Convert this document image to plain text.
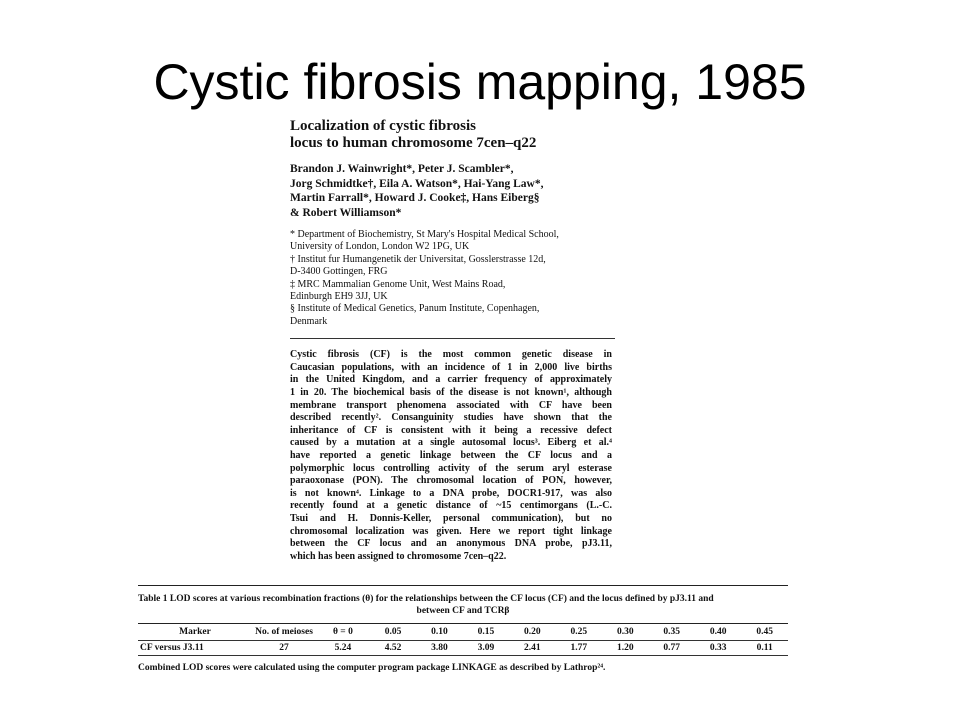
Cystic fibrosis mapping, 1985
Localization of cystic fibrosis
locus to human chromosome 7cen–q22
Brandon J. Wainwright*, Peter J. Scambler*,
Jorg Schmidtke†, Eila A. Watson*, Hai-Yang Law*,
Martin Farrall*, Howard J. Cooke‡, Hans Eiberg§
& Robert Williamson*
* Department of Biochemistry, St Mary's Hospital Medical School,
University of London, London W2 1PG, UK
† Institut fur Humangenetik der Universitat, Gosslerstrasse 12d,
D-3400 Gottingen, FRG
‡ MRC Mammalian Genome Unit, West Mains Road,
Edinburgh EH9 3JJ, UK
§ Institute of Medical Genetics, Panum Institute, Copenhagen,
Denmark
Cystic fibrosis (CF) is the most common genetic disease in
Caucasian populations, with an incidence of 1 in 2,000 live births
in the United Kingdom, and a carrier frequency of approximately
1 in 20. The biochemical basis of the disease is not known¹, although
membrane transport phenomena associated with CF have been
described recently². Consanguinity studies have shown that the
inheritance of CF is consistent with it being a recessive defect
caused by a mutation at a single autosomal locus³. Eiberg et al.⁴
have reported a genetic linkage between the CF locus and a
polymorphic locus controlling activity of the serum aryl esterase
paraoxonase (PON). The chromosomal location of PON, however,
is not known⁴. Linkage to a DNA probe, DOCR1-917, was also
recently found at a genetic distance of ~15 centimorgans (L.-C.
Tsui and H. Donnis-Keller, personal communication), but no
chromosomal localization was given. Here we report tight linkage
between the CF locus and an anonymous DNA probe, pJ3.11,
which has been assigned to chromosome 7cen–q22.
Table 1 LOD scores at various recombination fractions (θ) for the relationships between the CF locus (CF) and the locus defined by pJ3.11 and
between CF and TCRβ
Marker	No. of meioses	θ = 0	0.05	0.10	0.15	0.20	0.25	0.30	0.35	0.40	0.45

CF versus J3.11	27	5.24	4.52	3.80	3.09	2.41	1.77	1.20	0.77	0.33	0.11

Combined LOD scores were calculated using the computer program package LINKAGE as described by Lathrop²⁴.
